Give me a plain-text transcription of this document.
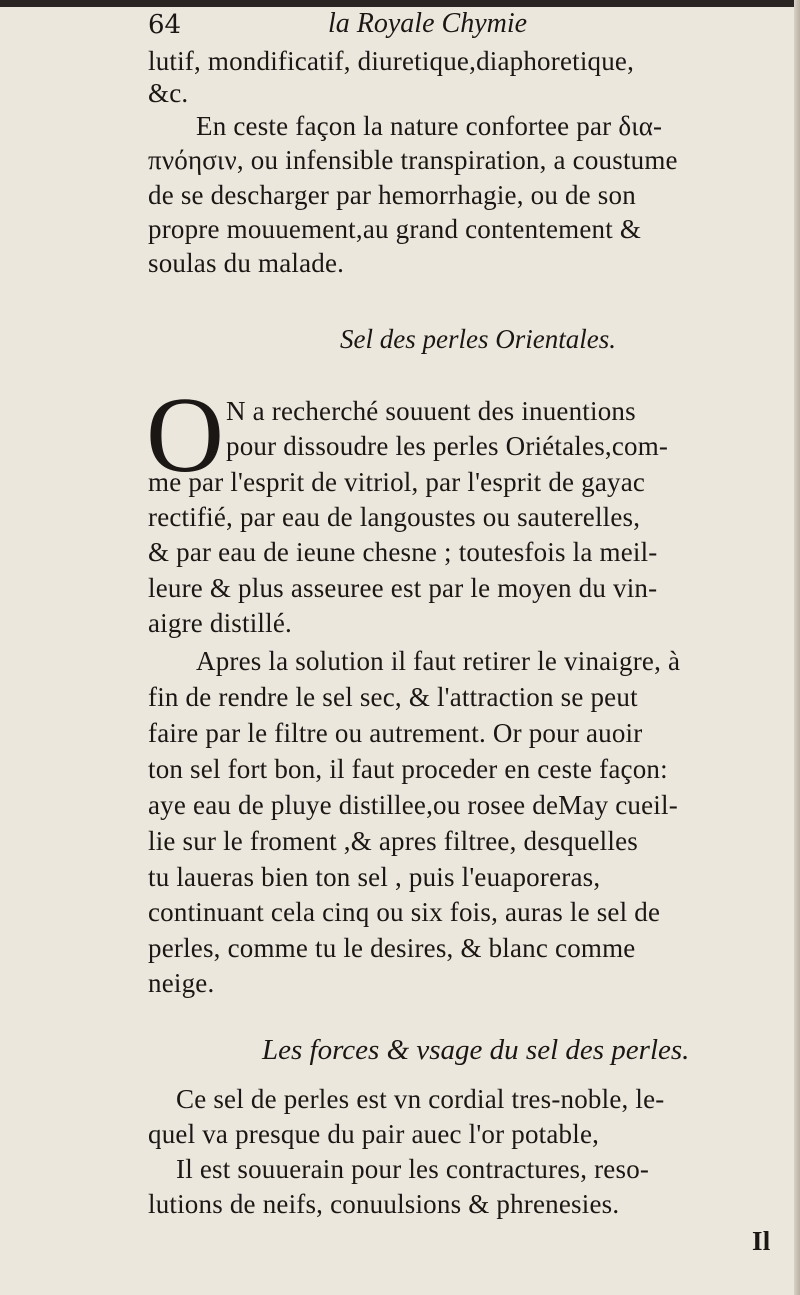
64	la Royale Chymie
lutif, mondificatif, diuretique,diaphoretique,
&c.
En ceste façon la nature confortee par δια-
πνόησιν, ou infensible transpiration, a coustume
de se descharger par hemorrhagie, ou de son
propre mouuement,au grand contentement &
soulas du malade.
Sel des perles Orientales.
O N a recherché souuent des inuentions
pour dissoudre les perles Oriétales,com-
me par l'esprit de vitriol, par l'esprit de gayac
rectifié, par eau de langoustes ou sauterelles,
& par eau de ieune chesne ; toutesfois la meil-
leure & plus asseuree est par le moyen du vin-
aigre distillé.
Apres la solution il faut retirer le vinaigre, à
fin de rendre le sel sec, & l'attraction se peut
faire par le filtre ou autrement. Or pour auoir
ton sel fort bon, il faut proceder en ceste façon:
aye eau de pluye distillee,ou rosee deMay cueil-
lie sur le froment ,& apres filtree, desquelles
tu laueras bien ton sel , puis l'euaporeras,
continuant cela cinq ou six fois, auras le sel de
perles, comme tu le desires, & blanc comme
neige.
Les forces & vsage du sel des perles.
Ce sel de perles est vn cordial tres-noble, le-
quel va presque du pair auec l'or potable,
Il est souuerain pour les contractures, reso-
lutions de neifs, conuulsions & phrenesies.
Il
